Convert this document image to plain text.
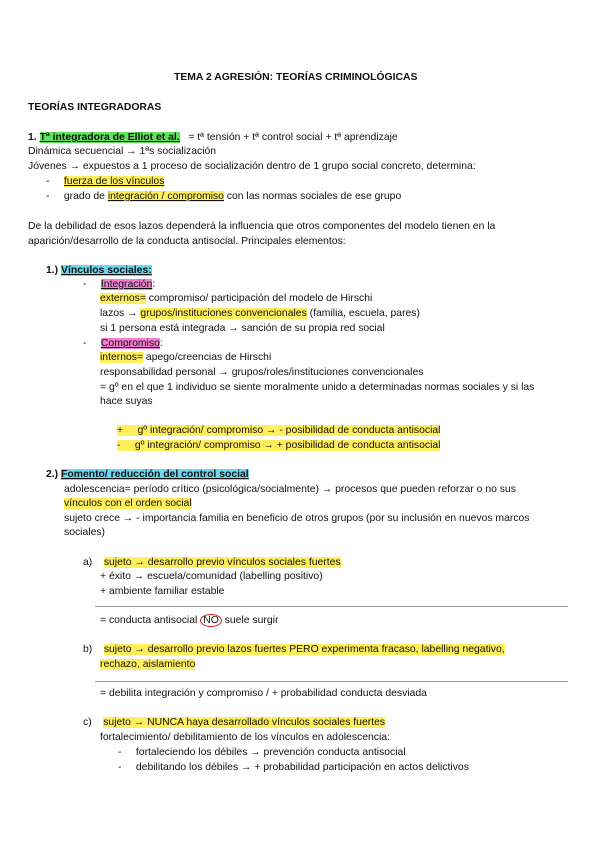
TEMA 2 AGRESIÓN: TEORÍAS CRIMINOLÓGICAS
TEORÍAS INTEGRADORAS
1. Tª integradora de Elliot et al. = tª tensión + tª control social + tª aprendizaje
Dinámica secuencial → 1ªs socialización
Jóvenes → expuestos a 1 proceso de socialización dentro de 1 grupo social concreto, determina:
-     fuerza de los vínculos
-     grado de integración / compromiso con las normas sociales de ese grupo
De la debilidad de esos lazos dependerá la influencia que otros componentes del modelo tienen en la
aparición/desarrollo de la conducta antisocial. Principales elementos:
1.) Vínculos sociales:
-     Integración:
externos= compromiso/ participación del modelo de Hirschi
lazos → grupos/instituciones convencionales (familia, escuela, pares)
si 1 persona está integrada → sanción de su propia red social
-     Compromiso:
internos= apego/creencias de Hirschi
responsabilidad personal → grupos/roles/instituciones convencionales
= gº en el que 1 individuo se siente moralmente unido a determinadas normas sociales y si las
hace suyas
+     gº integración/ compromiso → - posibilidad de conducta antisocial
-     gº integración/ compromiso → + posibilidad de conducta antisocial
2.) Fomento/ reducción del control social
adolescencia= período crítico (psicológica/socialmente) → procesos que pueden reforzar o no sus
vínculos con el orden social
sujeto crece → - importancia familia en beneficio de otros grupos (por su inclusión en nuevos marcos
sociales)
a) sujeto → desarrollo previo vínculos sociales fuertes
+ éxito → escuela/comunidad (labelling positivo)
+ ambiente familiar estable
= conducta antisocial NO suele surgir
b) sujeto → desarrollo previo lazos fuertes PERO experimenta fracaso, labelling negativo,
rechazo, aislamiento
= debilita integración y compromiso / + probabilidad conducta desviada
c) sujeto → NUNCA haya desarrollado vínculos sociales fuertes
fortalecimiento/ debilitamiento de los vínculos en adolescencia:
-     fortaleciendo los débiles → prevención conducta antisocial
-     debilitando los débiles → + probabilidad participación en actos delictivos
